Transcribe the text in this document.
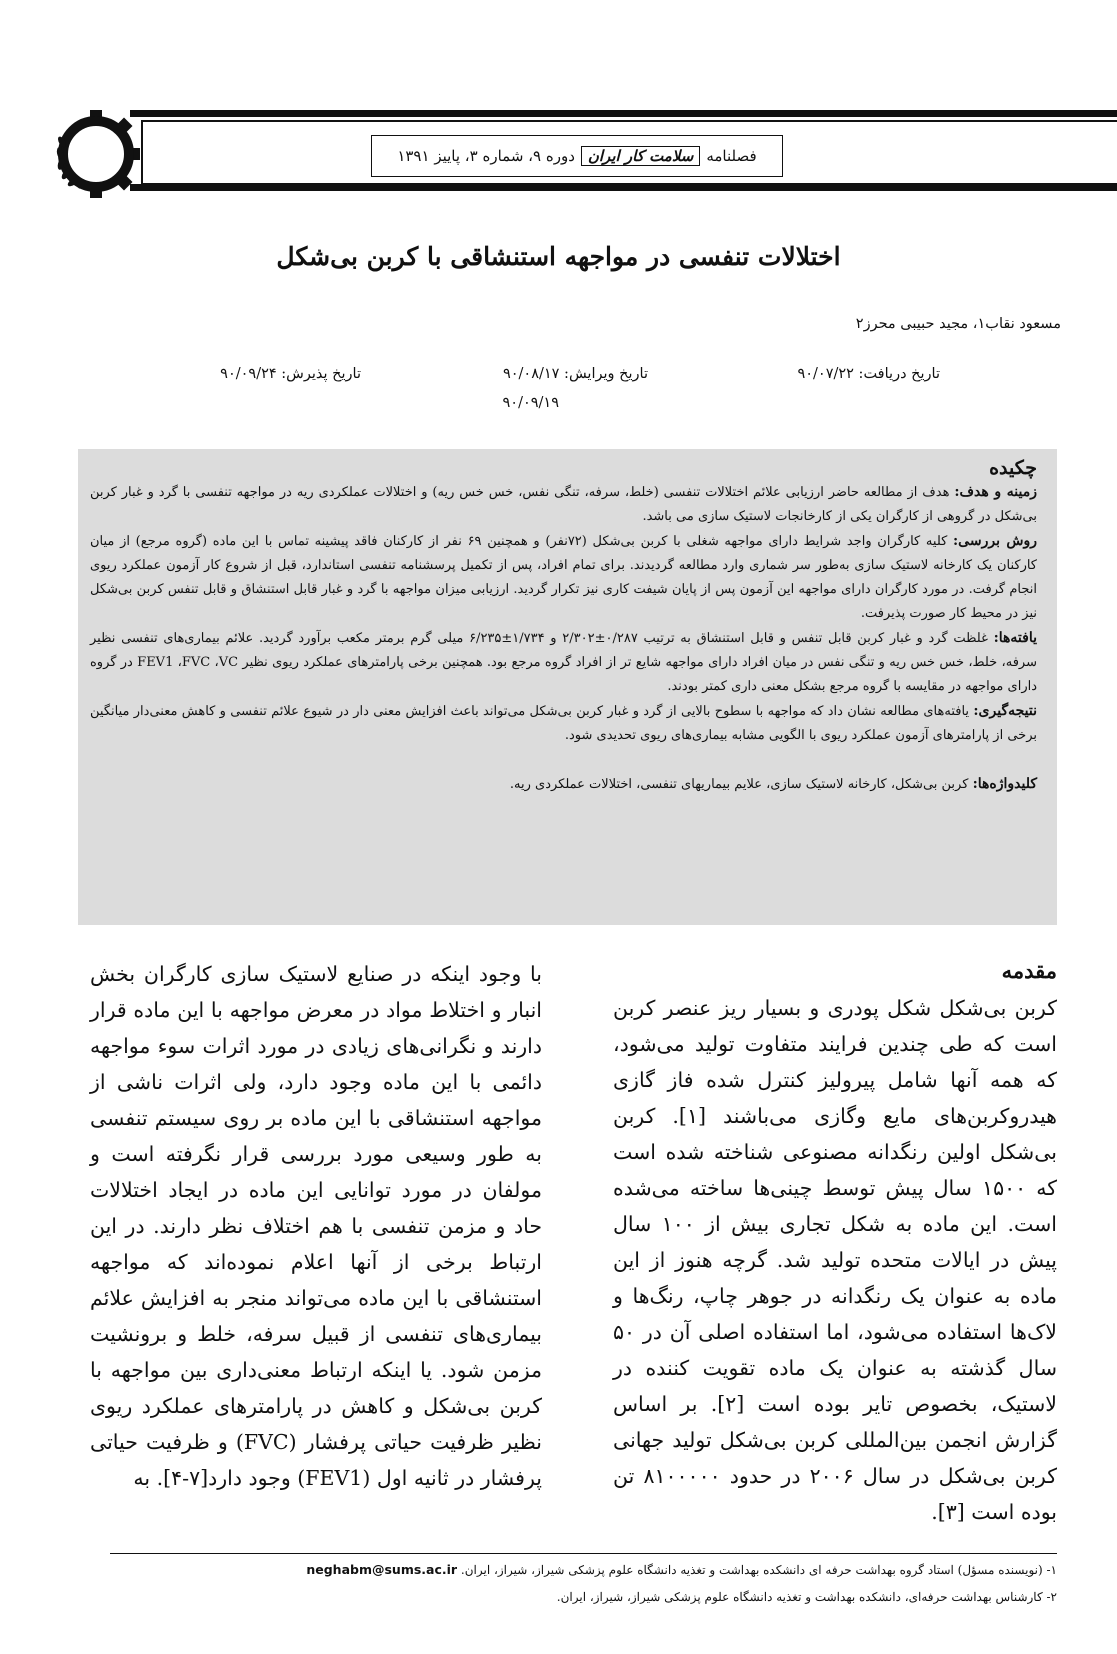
فصلنامه
سلامت کار ایران
دوره ۹، شماره ۳، پاییز ۱۳۹۱
اختلالات تنفسی در مواجهه استنشاقی با کربن بی‌شکل
مسعود نقاب۱، مجید حبیبی محرز۲
تاریخ دریافت: ۹۰/۰۷/۲۲
تاریخ ویرایش: ۹۰/۰۸/۱۷
۹۰/۰۹/۱۹
تاریخ پذیرش: ۹۰/۰۹/۲۴
چکیده

زمینه و هدف: هدف از مطالعه حاضر ارزیابی علائم اختلالات تنفسی (خلط، سرفه، تنگی نفس، خس خس ریه) و اختلالات عملکردی ریه در مواجهه تنفسی با گرد و غبار کربن بی‌شکل در گروهی از کارگران یکی از کارخانجات لاستیک سازی می باشد.

روش بررسی: کلیه کارگران واجد شرایط دارای مواجهه شغلی با کربن بی‌شکل (۷۲نفر) و همچنین ۶۹ نفر از کارکنان فاقد پیشینه تماس با این ماده (گروه مرجع) از میان کارکنان یک کارخانه لاستیک سازی به‌طور سر شماری وارد مطالعه گردیدند. برای تمام افراد، پس از تکمیل پرسشنامه تنفسی استاندارد، قبل از شروع کار آزمون عملکرد ریوی انجام گرفت. در مورد کارگران دارای مواجهه این آزمون پس از پایان شیفت کاری نیز تکرار گردید. ارزیابی میزان مواجهه با گرد و غبار قابل استنشاق و قابل تنفس کربن بی‌شکل نیز در محیط کار صورت پذیرفت.

یافته‌ها: غلظت گرد و غبار کربن قابل تنفس و قابل استنشاق به ترتیب ۰/۲۸۷±۲/۳۰۲ و ۱/۷۳۴±۶/۲۳۵ میلی گرم برمتر مکعب برآورد گردید. علائم بیماری‌های تنفسی نظیر سرفه، خلط، خس خس ریه و تنگی نفس در میان افراد دارای مواجهه شایع تر از افراد گروه مرجع بود. همچنین برخی پارامترهای عملکرد ریوی نظیر FEV1 ،FVC ،VC در گروه دارای مواجهه در مقایسه با گروه مرجع بشکل معنی داری کمتر بودند.

نتیجه‌گیری: یافته‌های مطالعه نشان داد که مواجهه با سطوح بالایی از گرد و غبار کربن بی‌شکل می‌تواند باعث افزایش معنی دار در شیوع علائم تنفسی و کاهش معنی‌دار میانگین برخی از پارامترهای آزمون عملکرد ریوی با الگویی مشابه بیماری‌های ریوی تحدیدی شود.

کلیدواژه‌ها: کربن بی‌شکل، کارخانه لاستیک سازی، علایم بیماریهای تنفسی، اختلالات عملکردی ریه.

مقدمه

کربن بی‌شکل شکل پودری و بسیار ریز عنصر کربن است که طی چندین فرایند متفاوت تولید می‌شود، که همه آنها شامل پیرولیز کنترل شده فاز گازی هیدروکربن‌های مایع وگازی می‌باشند [۱]. کربن بی‌شکل اولین رنگدانه مصنوعی شناخته شده است که ۱۵۰۰ سال پیش توسط چینی‌ها ساخته می‌شده است. این ماده به شکل تجاری بیش از ۱۰۰ سال پیش در ایالات متحده تولید شد. گرچه هنوز از این ماده به عنوان یک رنگدانه در جوهر چاپ، رنگ‌ها و لاک‌ها استفاده می‌شود، اما استفاده اصلی آن در ۵۰ سال گذشته به عنوان یک ماده تقویت کننده در لاستیک، بخصوص تایر بوده است [۲]. بر اساس گزارش انجمن بین‌المللی کربن بی‌شکل تولید جهانی کربن بی‌شکل در سال ۲۰۰۶ در حدود ۸۱۰۰۰۰۰ تن بوده است [۳].

با وجود اینکه در صنایع لاستیک سازی کارگران بخش انبار و اختلاط مواد در معرض مواجهه با این ماده قرار دارند و نگرانی‌های زیادی در مورد اثرات سوء مواجهه دائمی با این ماده وجود دارد، ولی اثرات ناشی از مواجهه استنشاقی با این ماده بر روی سیستم تنفسی به طور وسیعی مورد بررسی قرار نگرفته است و مولفان در مورد توانایی این ماده در ایجاد اختلالات حاد و مزمن تنفسی با هم اختلاف نظر دارند. در این ارتباط برخی از آنها اعلام نموده‌اند که مواجهه استنشاقی با این ماده می‌تواند منجر به افزایش علائم بیماری‌های تنفسی از قبیل سرفه، خلط و برونشیت مزمن شود. یا اینکه ارتباط معنی‌داری بین مواجهه با کربن بی‌شکل و کاهش در پارامترهای عملکرد ریوی نظیر ظرفیت حیاتی پرفشار (FVC) و ظرفیت حیاتی پرفشار در ثانیه اول (FEV1) وجود دارد[۷-۴]. به

۱- (نویسنده مسؤل) استاد گروه بهداشت حرفه ای دانشکده بهداشت و تغذیه دانشگاه علوم پزشکی شیراز، شیراز، ایران. neghabm@sums.ac.ir
۲- کارشناس بهداشت حرفه‌ای، دانشکده بهداشت و تغذیه دانشگاه علوم پزشکی شیراز، شیراز، ایران.
